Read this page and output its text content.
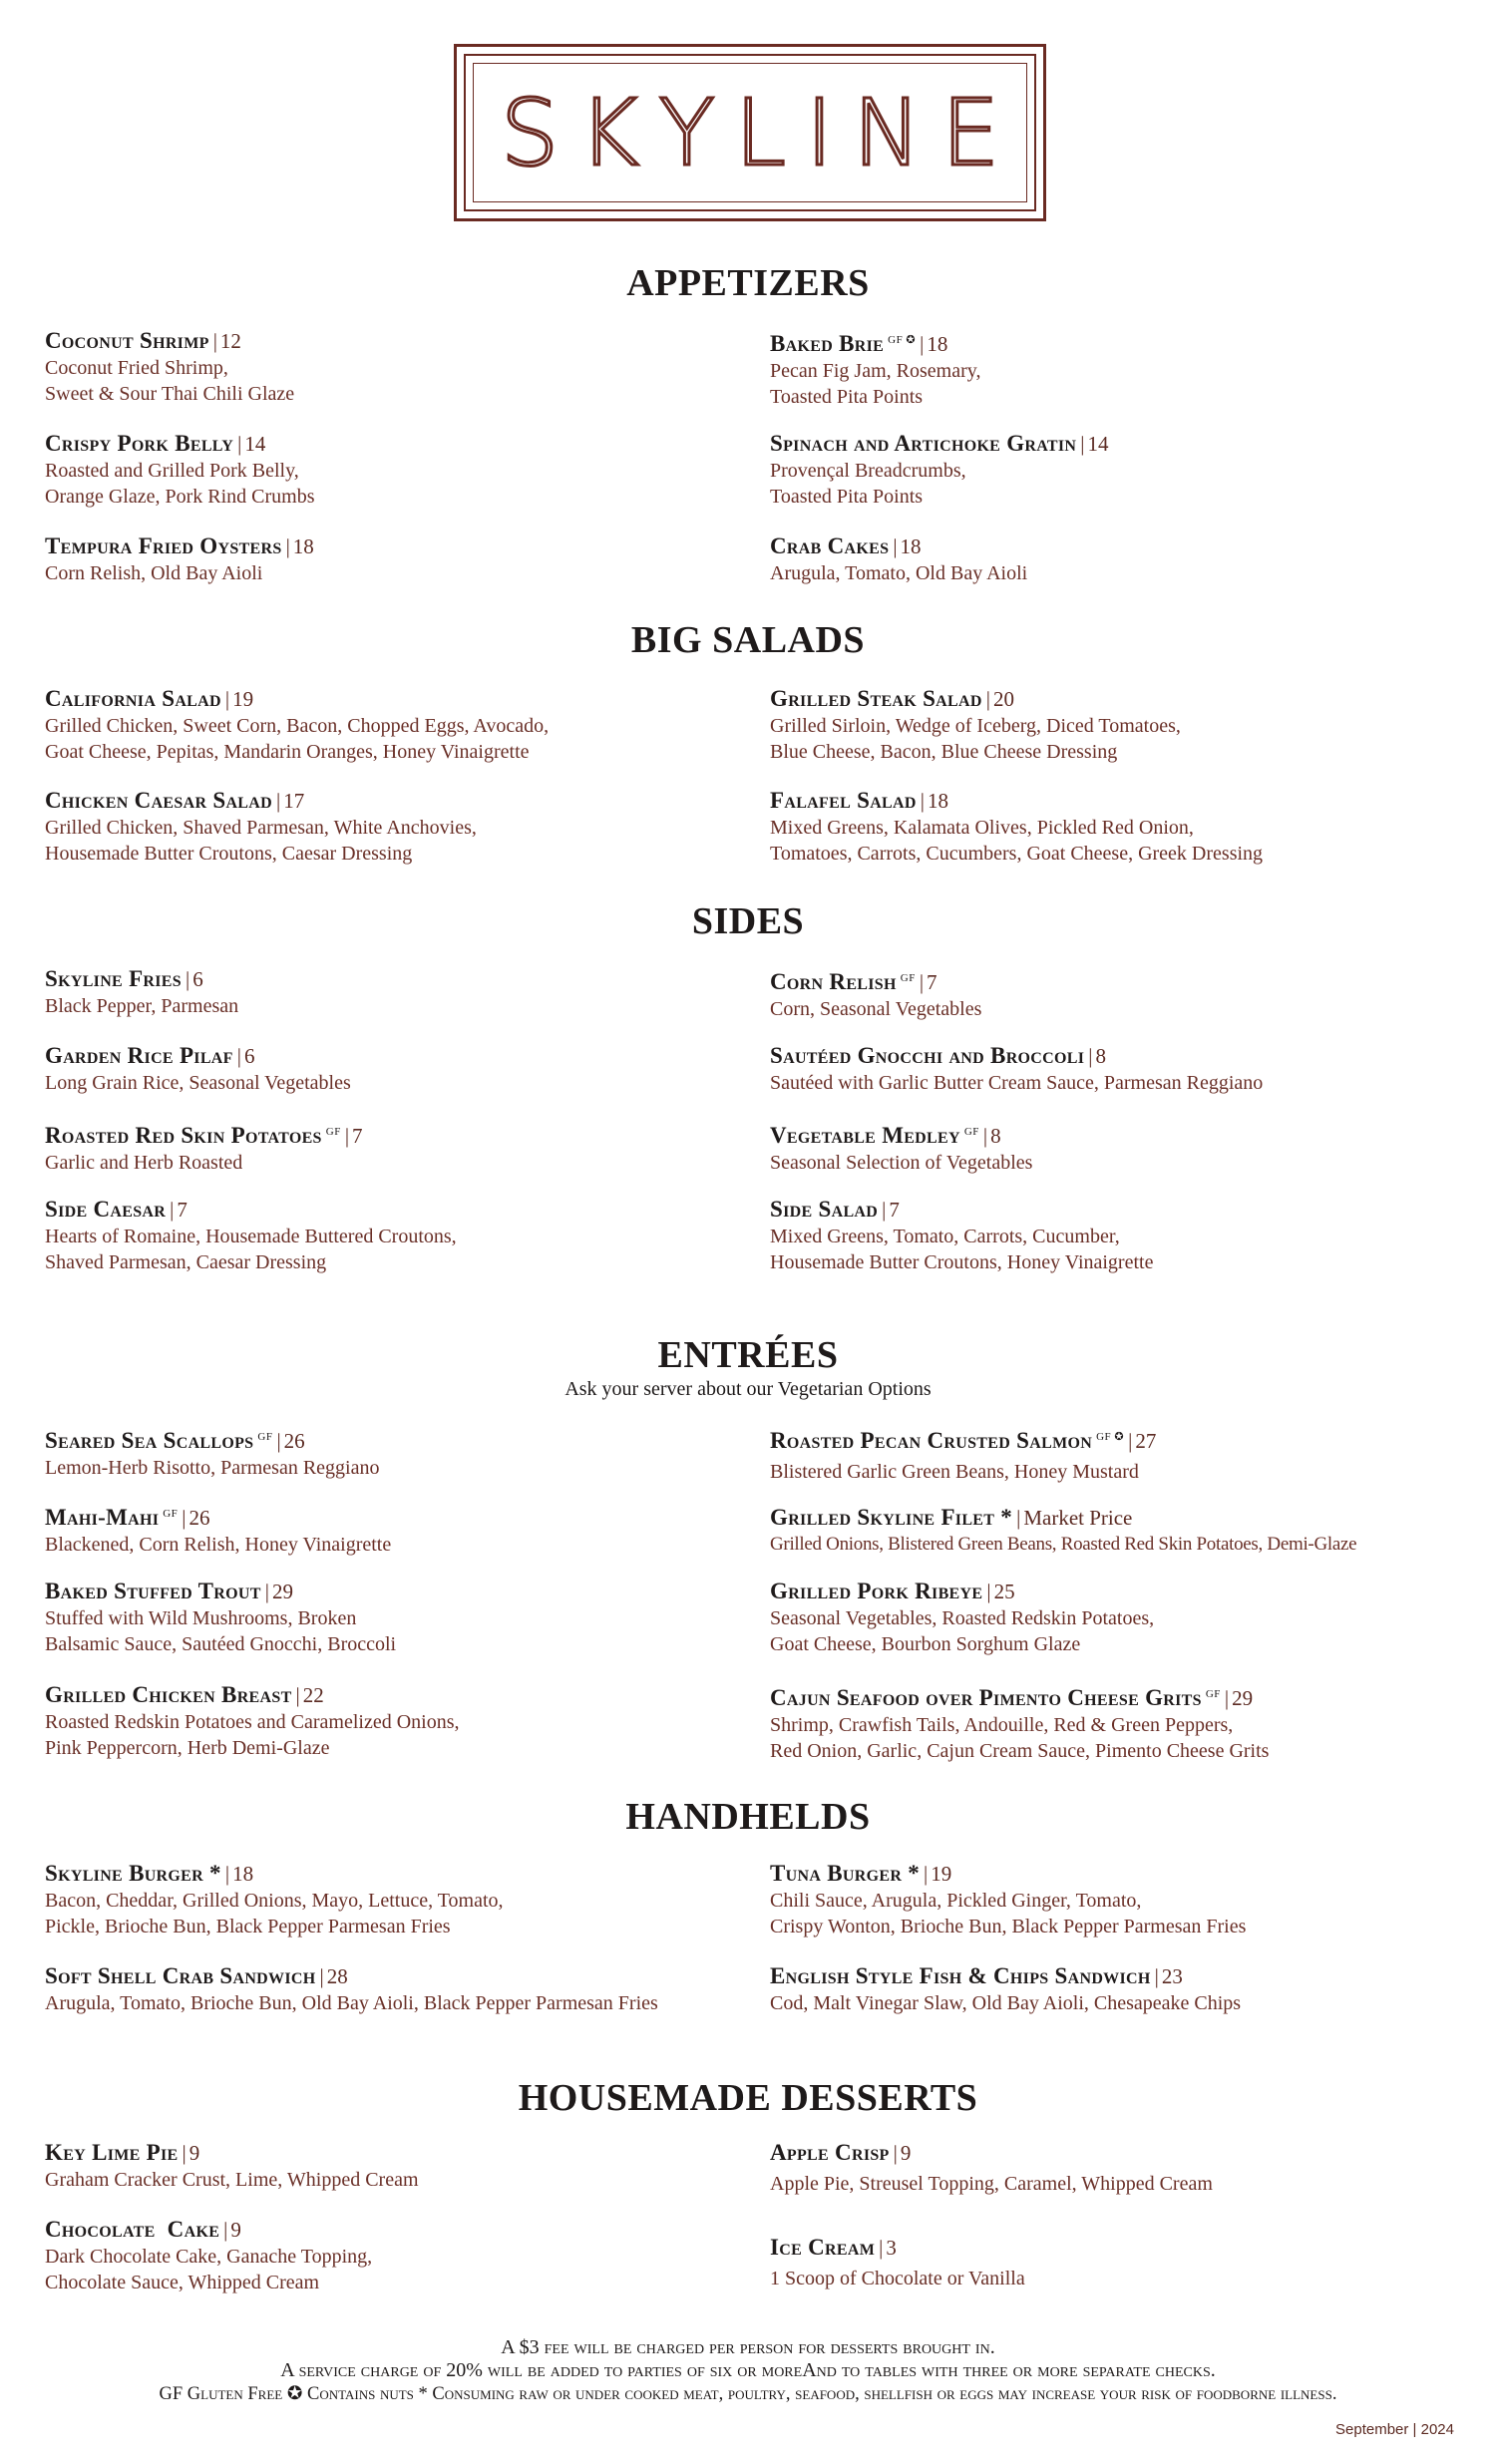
SKYLINE
APPETIZERS
Coconut Shrimp | 12
Coconut Fried Shrimp,
Sweet & Sour Thai Chili Glaze
Baked Brie $^{GF ✪}$ | 18
Pecan Fig Jam, Rosemary,
Toasted Pita Points
Crispy Pork Belly | 14
Roasted and Grilled Pork Belly,
Orange Glaze, Pork Rind Crumbs
Spinach and Artichoke Gratin | 14
Provençal Breadcrumbs,
Toasted Pita Points
Tempura Fried Oysters | 18
Corn Relish, Old Bay Aioli
Crab Cakes | 18
Arugula, Tomato, Old Bay Aioli
BIG SALADS
California Salad | 19
Grilled Chicken, Sweet Corn, Bacon, Chopped Eggs, Avocado,
Goat Cheese, Pepitas, Mandarin Oranges, Honey Vinaigrette
Grilled Steak Salad | 20
Grilled Sirloin, Wedge of Iceberg, Diced Tomatoes,
Blue Cheese, Bacon, Blue Cheese Dressing
Chicken Caesar Salad | 17
Grilled Chicken, Shaved Parmesan, White Anchovies,
Housemade Butter Croutons, Caesar Dressing
Falafel Salad | 18
Mixed Greens, Kalamata Olives, Pickled Red Onion,
Tomatoes, Carrots, Cucumbers, Goat Cheese, Greek Dressing
SIDES
Skyline Fries | 6
Black Pepper, Parmesan
Corn Relish $^{GF}$ | 7
Corn, Seasonal Vegetables
Garden Rice Pilaf | 6
Long Grain Rice, Seasonal Vegetables
Sautéed Gnocchi and Broccoli | 8
Sautéed with Garlic Butter Cream Sauce, Parmesan Reggiano
Roasted Red Skin Potatoes $^{GF}$ | 7
Garlic and Herb Roasted
Vegetable Medley $^{GF}$ | 8
Seasonal Selection of Vegetables
Side Caesar | 7
Hearts of Romaine, Housemade Buttered Croutons,
Shaved Parmesan, Caesar Dressing
Side Salad | 7
Mixed Greens, Tomato, Carrots, Cucumber,
Housemade Butter Croutons, Honey Vinaigrette
ENTRÉES
Ask your server about our Vegetarian Options
Seared Sea Scallops $^{GF}$ | 26
Lemon-Herb Risotto, Parmesan Reggiano
Roasted Pecan Crusted Salmon $^{GF ✪}$ | 27
Blistered Garlic Green Beans, Honey Mustard
Mahi-Mahi $^{GF}$ | 26
Blackened, Corn Relish, Honey Vinaigrette
Grilled Skyline Filet * | Market Price
Grilled Onions, Blistered Green Beans, Roasted Red Skin Potatoes, Demi-Glaze
Baked Stuffed Trout | 29
Stuffed with Wild Mushrooms, Broken
Balsamic Sauce, Sautéed Gnocchi, Broccoli
Grilled Pork Ribeye | 25
Seasonal Vegetables, Roasted Redskin Potatoes,
Goat Cheese, Bourbon Sorghum Glaze
Grilled Chicken Breast | 22
Roasted Redskin Potatoes and Caramelized Onions,
Pink Peppercorn, Herb Demi-Glaze
Cajun Seafood over Pimento Cheese Grits $^{GF}$ | 29
Shrimp, Crawfish Tails, Andouille, Red & Green Peppers,
Red Onion, Garlic, Cajun Cream Sauce, Pimento Cheese Grits
HANDHELDS
Skyline Burger * | 18
Bacon, Cheddar, Grilled Onions, Mayo, Lettuce, Tomato,
Pickle, Brioche Bun, Black Pepper Parmesan Fries
Tuna Burger * | 19
Chili Sauce, Arugula, Pickled Ginger, Tomato,
Crispy Wonton, Brioche Bun, Black Pepper Parmesan Fries
Soft Shell Crab Sandwich | 28
Arugula, Tomato, Brioche Bun, Old Bay Aioli, Black Pepper Parmesan Fries
English Style Fish & Chips Sandwich | 23
Cod, Malt Vinegar Slaw, Old Bay Aioli, Chesapeake Chips
HOUSEMADE DESSERTS
Key Lime Pie | 9
Graham Cracker Crust, Lime, Whipped Cream
Apple Crisp | 9
Apple Pie, Streusel Topping, Caramel, Whipped Cream
Chocolate  Cake | 9
Dark Chocolate Cake, Ganache Topping,
Chocolate Sauce, Whipped Cream
Ice Cream | 3
1 Scoop of Chocolate or Vanilla
A $3 fee will be charged per person for desserts brought in.
A service charge of 20% will be added to parties of six or moreAnd to tables with three or more separate checks.
GF Gluten Free ✪ Contains nuts * Consuming raw or under cooked meat, poultry, seafood, shellfish or eggs may increase your risk of foodborne illness.
September | 2024
